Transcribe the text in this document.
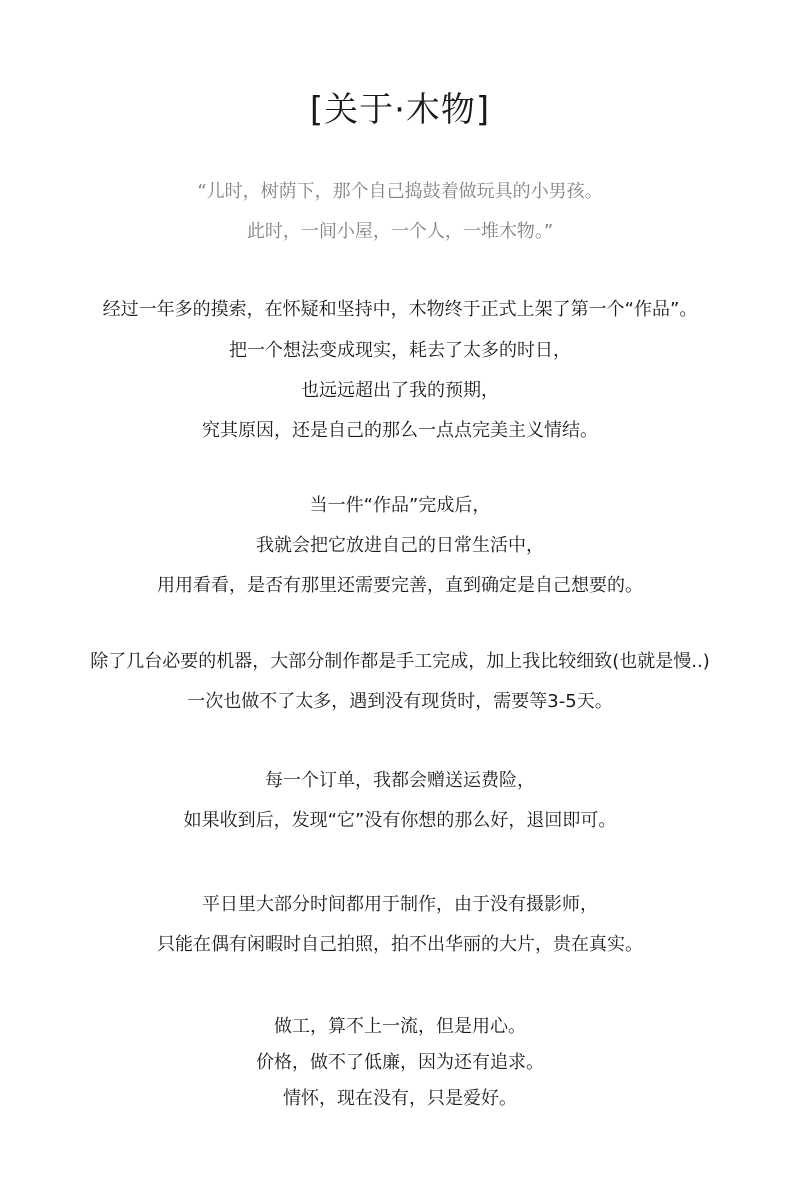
[关于·木物]
“儿时，树荫下，那个自己捣鼓着做玩具的小男孩。
此时，一间小屋，一个人，一堆木物。”
经过一年多的摸索，在怀疑和坚持中，木物终于正式上架了第一个“作品”。
把一个想法变成现实，耗去了太多的时日，
也远远超出了我的预期，
究其原因，还是自己的那么一点点完美主义情结。
当一件“作品”完成后，
我就会把它放进自己的日常生活中，
用用看看，是否有那里还需要完善，直到确定是自己想要的。
除了几台必要的机器，大部分制作都是手工完成，加上我比较细致(也就是慢..)
一次也做不了太多，遇到没有现货时，需要等3-5天。
每一个订单，我都会赠送运费险，
如果收到后，发现“它”没有你想的那么好，退回即可。
平日里大部分时间都用于制作，由于没有摄影师，
只能在偶有闲暇时自己拍照，拍不出华丽的大片，贵在真实。
做工，算不上一流，但是用心。
价格，做不了低廉，因为还有追求。
情怀，现在没有，只是爱好。
